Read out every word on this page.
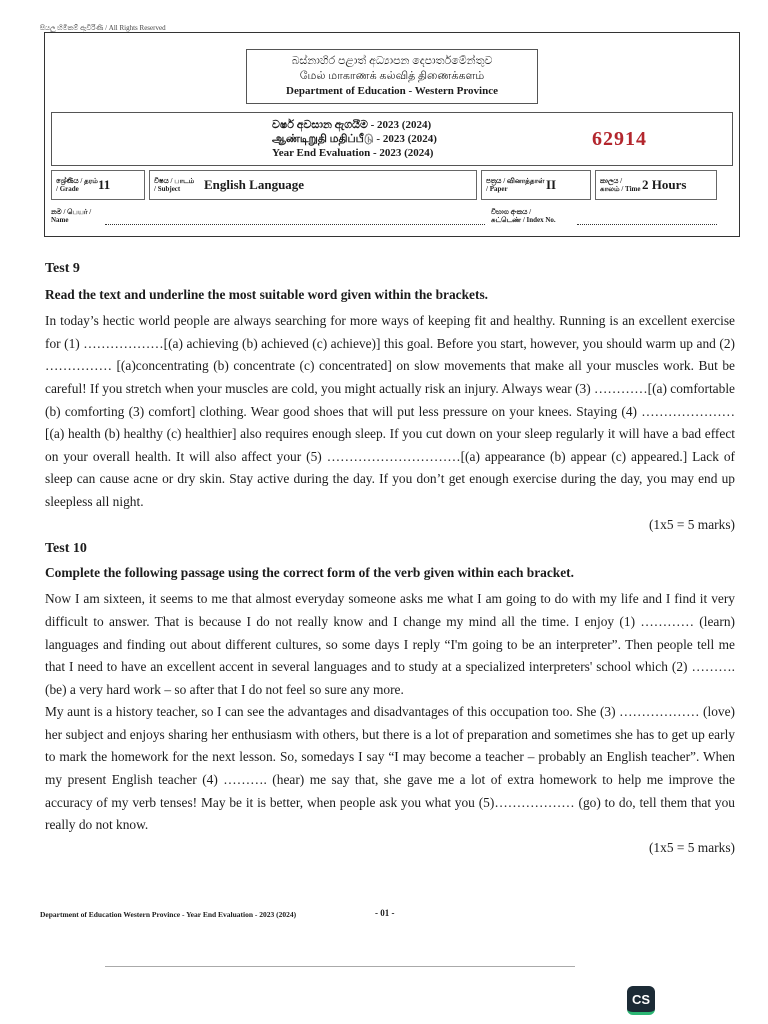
සියලු හිමිකම් ඇවිරිණි / All Rights Reserved
බස්නාහිර පළාත් අධ්‍යාපන දෙපාර්තමේන්තුව
மேல் மாகாணக் கல்வித் திணைக்களம்
Department of Education - Western Province
වර්ෂ අවසාන ඇගයීම - 2023 (2024)
ஆண்டிறுதி மதிப்பீடு - 2023 (2024)
Year End Evaluation - 2023 (2024)
62914
ශ්‍රේණිය / தரம் / Grade	11	විෂය / பாடம் / Subject	English Language	පත්‍රය / வினாத்தாள் / Paper	II	කාලය / காலம் / Time 2 Hours
නම / பெயர் / Name
විභාග අංකය / சுட்டெண் / Index No.

Test 9

Read the text and underline the most suitable word given within the brackets.

In today’s hectic world people are always searching for more ways of keeping fit and healthy. Running is an excellent exercise for (1) ………………[(a) achieving (b) achieved (c) achieve)] this goal. Before you start, however, you should warm up and (2) …………… [(a)concentrating (b) concentrate (c) concentrated] on slow movements that make all your muscles work. But be careful! If you stretch when your muscles are cold, you might actually risk an injury. Always wear (3) …………[(a) comfortable (b) comforting (3) comfort] clothing. Wear good shoes that will put less pressure on your knees. Staying (4) …………………[(a) health (b) healthy (c) healthier] also requires enough sleep. If you cut down on your sleep regularly it will have a bad effect on your overall health. It will also affect your (5) …………………………[(a) appearance (b) appear (c) appeared.] Lack of sleep can cause acne or dry skin. Stay active during the day. If you don’t get enough exercise during the day, you may end up sleepless all night.

(1x5 = 5 marks)

Test 10

Complete the following passage using the correct form of the verb given within each bracket.

Now I am sixteen, it seems to me that almost everyday someone asks me what I am going to do with my life and I find it very difficult to answer. That is because I do not really know and I change my mind all the time. I enjoy (1) ………… (learn) languages and finding out about different cultures, so some days I reply “I'm going to be an interpreter”. Then people tell me that I need to have an excellent accent in several languages and to study at a specialized interpreters' school which (2) ………. (be) a very hard work – so after that I do not feel so sure any more.

My aunt is a history teacher, so I can see the advantages and disadvantages of this occupation too. She (3) ……………… (love) her subject and enjoys sharing her enthusiasm with others, but there is a lot of preparation and sometimes she has to get up early to mark the homework for the next lesson. So, somedays I say “I may become a teacher – probably an English teacher”. When my present English teacher (4) ………. (hear) me say that, she gave me a lot of extra homework to help me improve the accuracy of my verb tenses! May be it is better, when people ask you what you (5)……………… (go) to do, tell them that you really do not know.

(1x5 = 5 marks)
Department of Education Western Province - Year End Evaluation - 2023 (2024)	- 01 -
CS
